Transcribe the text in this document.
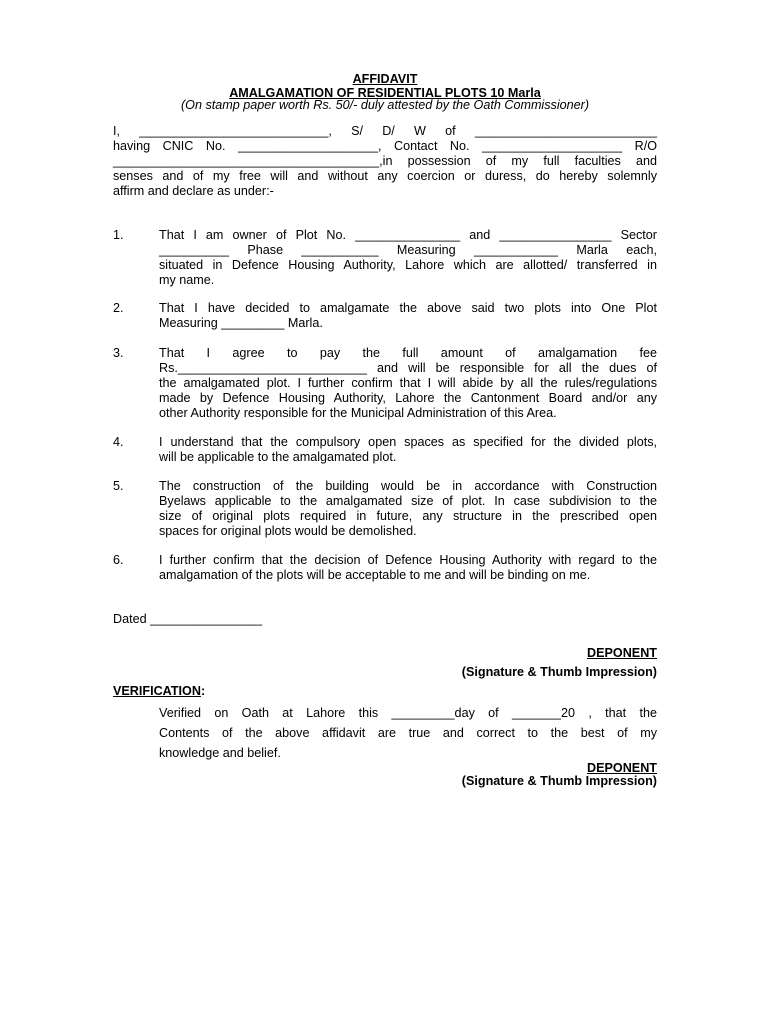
AFFIDAVIT
AMALGAMATION OF RESIDENTIAL PLOTS 10 Marla
(On stamp paper worth Rs. 50/- duly attested by the Oath Commissioner)
I, ___________________________, S/ D/ W of __________________________
having CNIC No. ____________________, Contact No. ____________________ R/O
______________________________________,in possession of my full faculties and
senses and of my free will and without any coercion or duress, do hereby solemnly
affirm and declare as under:-
1.	That I am owner of Plot No. _______________ and ________________ Sector
__________ Phase ___________ Measuring ____________ Marla each,
situated in Defence Housing Authority, Lahore which are allotted/ transferred in
my name.
2.	That I have decided to amalgamate the above said two plots into One Plot
Measuring _________ Marla.
3.	That I agree to pay the full amount of amalgamation fee
Rs.___________________________ and will be responsible for all the dues of
the amalgamated plot. I further confirm that I will abide by all the rules/regulations
made by Defence Housing Authority, Lahore the Cantonment Board and/or any
other Authority responsible for the Municipal Administration of this Area.
4.	I understand that the compulsory open spaces as specified for the divided plots,
will be applicable to the amalgamated plot.
5.	The construction of the building would be in accordance with Construction
Byelaws applicable to the amalgamated size of plot. In case subdivision to the
size of original plots required in future, any structure in the prescribed open
spaces for original plots would be demolished.
6.	I further confirm that the decision of Defence Housing Authority with regard to the
amalgamation of the plots will be acceptable to me and will be binding on me.
Dated ________________
DEPONENT
(Signature & Thumb Impression)
VERIFICATION:
Verified on Oath at Lahore this _________day of _______20 , that the
Contents of the above affidavit are true and correct to the best of my
knowledge and belief.
DEPONENT
(Signature & Thumb Impression)
